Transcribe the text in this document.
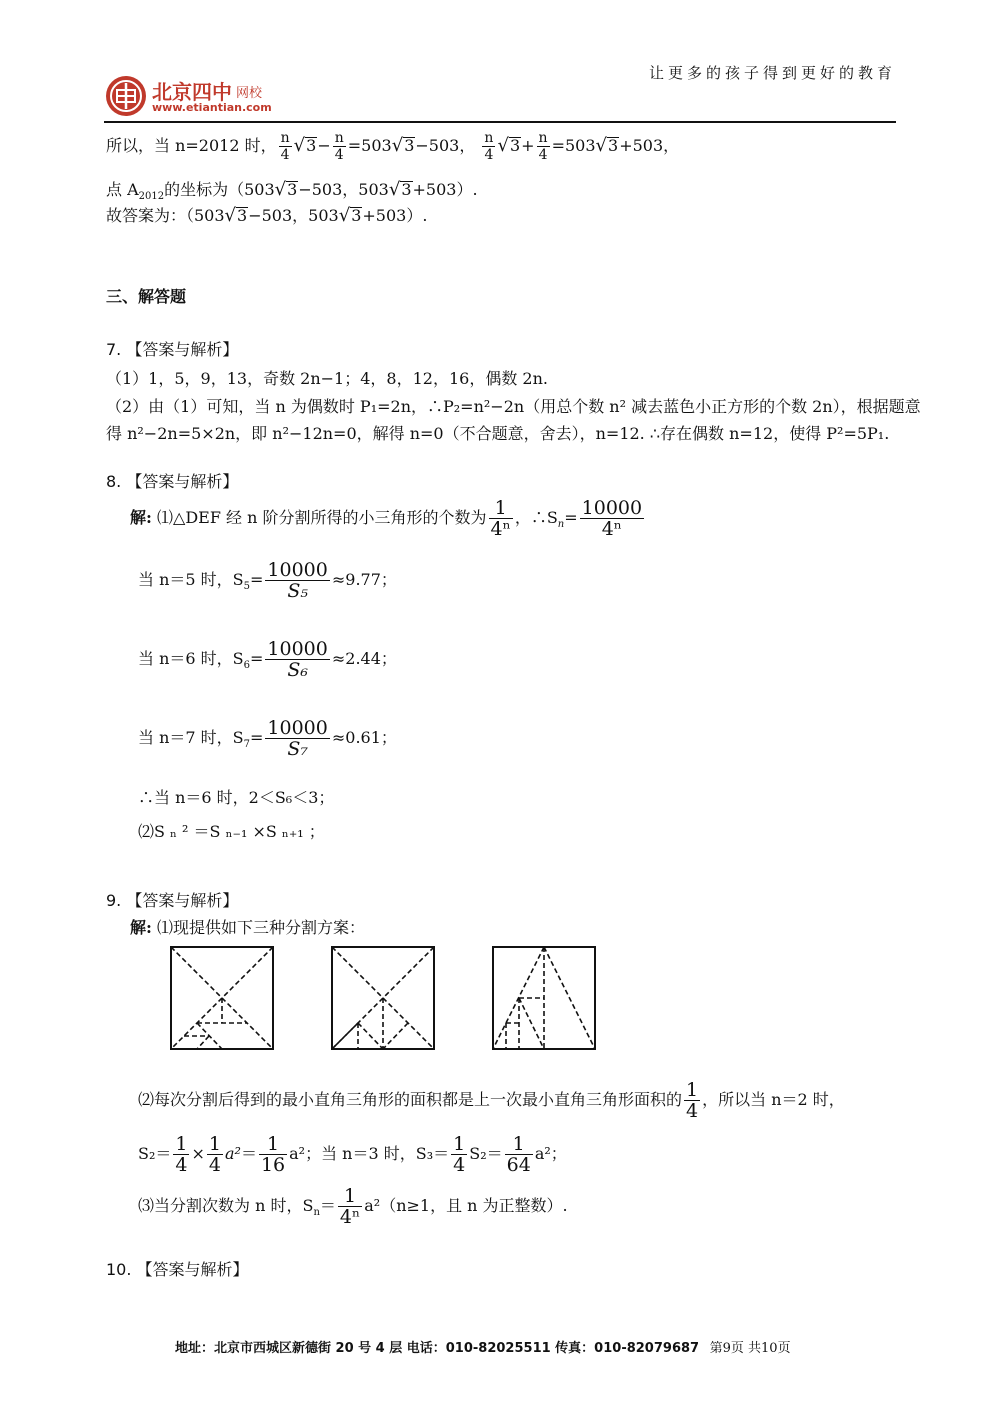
北京四中 网校
www.etiantian.com
让更多的孩子得到更好的教育
所以，当 n=2012 时， $\frac{n}{4} √3- \frac{n}{4} =503√3-503$， $\frac{n}{4} √3+ \frac{n}{4} =503√3+503$，
点 $A_{2012}$的坐标为（503√3−503，503√3+503）.
故答案为：（503√3−503，503√3+503）.
三、解答题
7. 【答案与解析】
（1）1，5，9，13，奇数 2n−1；4，8，12，16，偶数 2n.
（2）由（1）可知，当 n 为偶数时 P₁=2n，∴P₂=n²−2n（用总个数 n² 减去蓝色小正方形的个数 2n），根据题意
得 n²−2n=5×2n，即 n²−12n=0，解得 n=0（不合题意，舍去），n=12. ∴存在偶数 n=12，使得 P²=5P₁.
8. 【答案与解析】
解: ⑴△DEF 经 n 阶分割所得的小三角形的个数为 $\frac{1}{\text{4ⁿ}}$ ，$\therefore S_n= \frac{10000}{\text{4ⁿ}}$
当 n＝5 时，$S_5= \frac{10000}{\text{S₅}} \approx 9.77$；
当 n＝6 时，$S_6= \frac{10000}{\text{S₆}} \approx 2.44$；
当 n＝7 时，$S_7= \frac{10000}{\text{S₇}} \approx 0.61$；
∴当 n＝6 时，2＜S₆＜3；
⑵S ₙ ² ＝S ₙ₋₁ ×S ₙ₊₁ ；
9. 【答案与解析】
解: ⑴现提供如下三种分割方案：
⑵每次分割后得到的最小直角三角形的面积都是上一次最小直角三角形面积的 $\frac{1}{4}$ ，所以当 n＝2 时，
$S_2= \frac{1}{4} \times \frac{1}{4} a^2= \frac{1}{16} a^2$；当 n＝3 时，$S_3= \frac{1}{4} S_2= \frac{1}{64} a^2$；
⑶当分割次数为 n 时，$S_n= \frac{1}{\text{4ⁿ}} a^2(n\ge 1$，且 n 为正整数）.
10. 【答案与解析】
地址：北京市西城区新德街 20 号 4 层 电话：010-82025511 传真：010-82079687 第9页 共10页
